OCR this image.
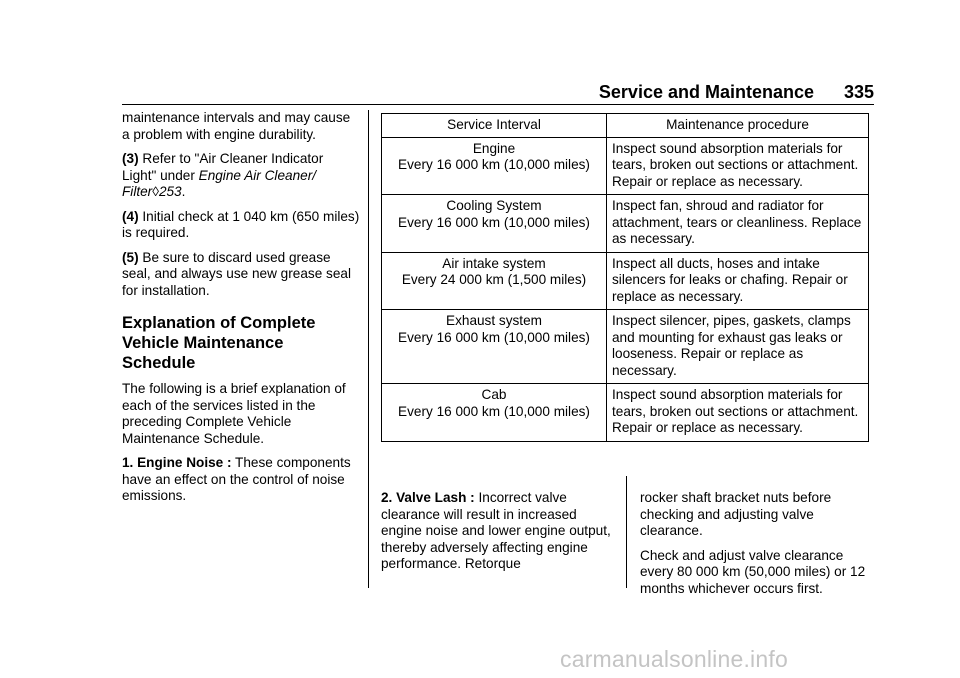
Service and Maintenance 335

maintenance intervals and may cause a problem with engine durability.

(3) Refer to "Air Cleaner Indicator Light" under Engine Air Cleaner/ Filter◊253.

(4) Initial check at 1 040 km (650 miles) is required.

(5) Be sure to discard used grease seal, and always use new grease seal for installation.

Explanation of Complete Vehicle Maintenance Schedule

The following is a brief explanation of each of the services listed in the preceding Complete Vehicle Maintenance Schedule.

1. Engine Noise : These components have an effect on the control of noise emissions.

Service Interval	Maintenance procedure

Engine
Every 16 000 km (10,000 miles)	Inspect sound absorption materials for tears, broken out sections or attachment. Repair or replace as necessary.

Cooling System
Every 16 000 km (10,000 miles)	Inspect fan, shroud and radiator for attachment, tears or cleanliness. Replace as necessary.

Air intake system
Every 24 000 km (1,500 miles)	Inspect all ducts, hoses and intake silencers for leaks or chafing. Repair or replace as necessary.

Exhaust system
Every 16 000 km (10,000 miles)	Inspect silencer, pipes, gaskets, clamps and mounting for exhaust gas leaks or looseness. Repair or replace as necessary.

Cab
Every 16 000 km (10,000 miles)	Inspect sound absorption materials for tears, broken out sections or attachment. Repair or replace as necessary.

2. Valve Lash : Incorrect valve clearance will result in increased engine noise and lower engine output, thereby adversely affecting engine performance. Retorque

rocker shaft bracket nuts before checking and adjusting valve clearance.

Check and adjust valve clearance every 80 000 km (50,000 miles) or 12 months whichever occurs first.

carmanualsonline.info
